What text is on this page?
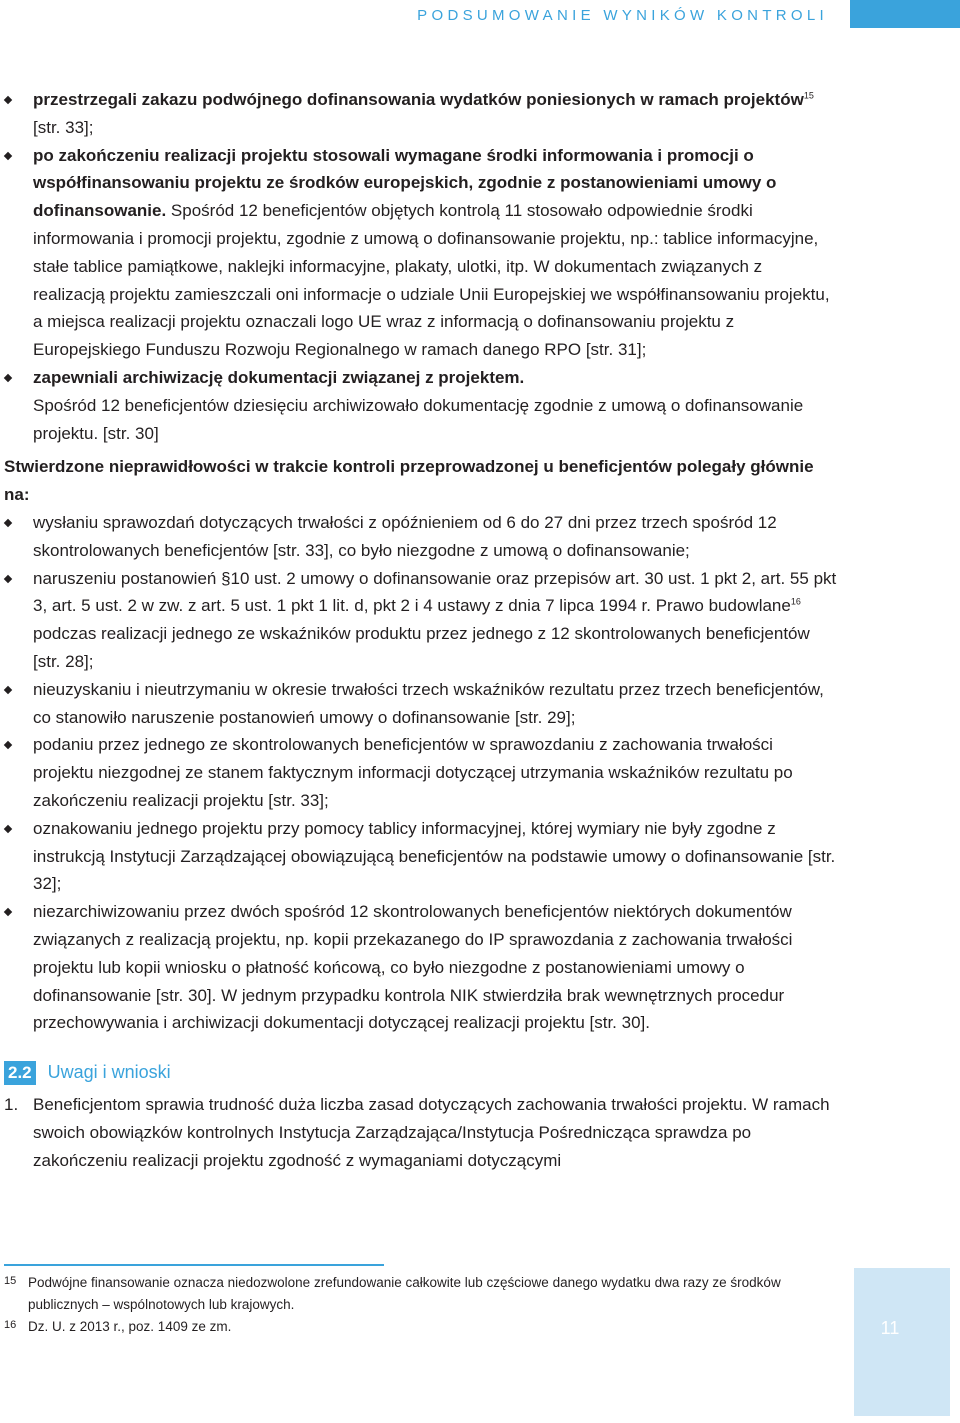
PODSUMOWANIE WYNIKÓW KONTROLI
przestrzegali zakazu podwójnego dofinansowania wydatków poniesionych w ramach projektów$^{15}$ [str. 33];
po zakończeniu realizacji projektu stosowali wymagane środki informowania i promocji o współfinansowaniu projektu ze środków europejskich, zgodnie z postanowieniami umowy o dofinansowanie. Spośród 12 beneficjentów objętych kontrolą 11 stosowało odpowiednie środki informowania i promocji projektu, zgodnie z umową o dofinansowanie projektu, np.: tablice informacyjne, stałe tablice pamiątkowe, naklejki informacyjne, plakaty, ulotki, itp. W dokumentach związanych z realizacją projektu zamieszczali oni informacje o udziale Unii Europejskiej we współfinansowaniu projektu, a miejsca realizacji projektu oznaczali logo UE wraz z informacją o dofinansowaniu projektu z Europejskiego Funduszu Rozwoju Regionalnego w ramach danego RPO [str. 31];
zapewniali archiwizację dokumentacji związanej z projektem.

Spośród 12 beneficjentów dziesięciu archiwizowało dokumentację zgodnie z umową o dofinansowanie projektu. [str. 30]

Stwierdzone nieprawidłowości w trakcie kontroli przeprowadzonej u beneficjentów polegały głównie na:

wysłaniu sprawozdań dotyczących trwałości z opóźnieniem od 6 do 27 dni przez trzech spośród 12 skontrolowanych beneficjentów [str. 33], co było niezgodne z umową o dofinansowanie;
naruszeniu postanowień §10 ust. 2 umowy o dofinansowanie oraz przepisów art. 30 ust. 1 pkt 2, art. 55 pkt 3, art. 5 ust. 2 w zw. z art. 5 ust. 1 pkt 1 lit. d, pkt 2 i 4 ustawy z dnia 7 lipca 1994 r. Prawo budowlane$^{16}$ podczas realizacji jednego ze wskaźników produktu przez jednego z 12 skontrolowanych beneficjentów [str. 28];
nieuzyskaniu i nieutrzymaniu w okresie trwałości trzech wskaźników rezultatu przez trzech beneficjentów, co stanowiło naruszenie postanowień umowy o dofinansowanie [str. 29];
podaniu przez jednego ze skontrolowanych beneficjentów w sprawozdaniu z zachowania trwałości projektu niezgodnej ze stanem faktycznym informacji dotyczącej utrzymania wskaźników rezultatu po zakończeniu realizacji projektu [str. 33];
oznakowaniu jednego projektu przy pomocy tablicy informacyjnej, której wymiary nie były zgodne z instrukcją Instytucji Zarządzającej obowiązującą beneficjentów na podstawie umowy o dofinansowanie [str. 32];
niezarchiwizowaniu przez dwóch spośród 12 skontrolowanych beneficjentów niektórych dokumentów związanych z realizacją projektu, np. kopii przekazanego do IP sprawozdania z zachowania trwałości projektu lub kopii wniosku o płatność końcową, co było niezgodne z postanowieniami umowy o dofinansowanie [str. 30]. W jednym przypadku kontrola NIK stwierdziła brak wewnętrznych procedur przechowywania i archiwizacji dokumentacji dotyczącej realizacji projektu [str. 30].
2.2 Uwagi i wnioski
1. Beneficjentom sprawia trudność duża liczba zasad dotyczących zachowania trwałości projektu. W ramach swoich obowiązków kontrolnych Instytucja Zarządzająca/Instytucja Pośrednicząca sprawdza po zakończeniu realizacji projektu zgodność z wymaganiami dotyczącymi
15 Podwójne finansowanie oznacza niedozwolone zrefundowanie całkowite lub częściowe danego wydatku dwa razy ze środków publicznych – wspólnotowych lub krajowych.
16 Dz. U. z 2013 r., poz. 1409 ze zm.	11
